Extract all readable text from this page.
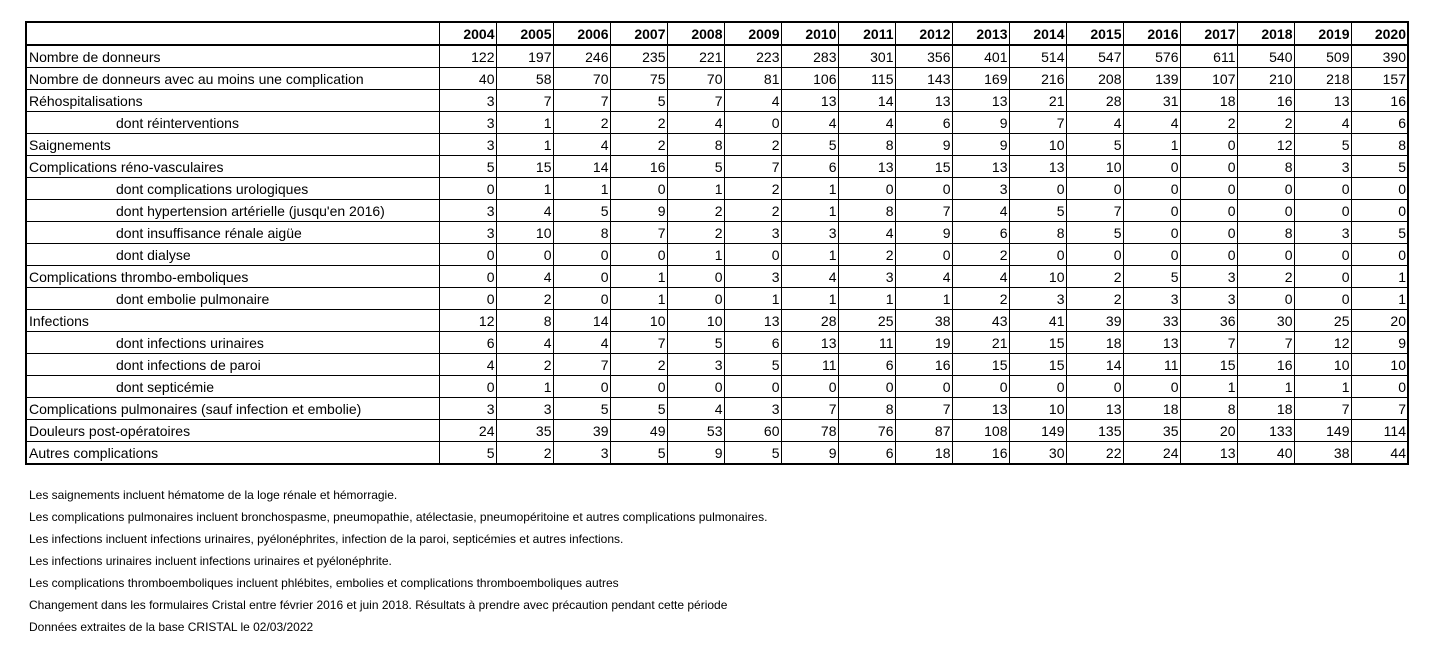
	2004	2005	2006	2007	2008	2009	2010	2011	2012	2013	2014	2015	2016	2017	2018	2019	2020
Nombre de donneurs	122	197	246	235	221	223	283	301	356	401	514	547	576	611	540	509	390
Nombre de donneurs avec au moins une complication	40	58	70	75	70	81	106	115	143	169	216	208	139	107	210	218	157
Réhospitalisations	3	7	7	5	7	4	13	14	13	13	21	28	31	18	16	13	16
dont réinterventions	3	1	2	2	4	0	4	4	6	9	7	4	4	2	2	4	6
Saignements	3	1	4	2	8	2	5	8	9	9	10	5	1	0	12	5	8
Complications réno-vasculaires	5	15	14	16	5	7	6	13	15	13	13	10	0	0	8	3	5
dont complications urologiques	0	1	1	0	1	2	1	0	0	3	0	0	0	0	0	0	0
dont hypertension artérielle (jusqu'en 2016)	3	4	5	9	2	2	1	8	7	4	5	7	0	0	0	0	0
dont insuffisance rénale aigüe	3	10	8	7	2	3	3	4	9	6	8	5	0	0	8	3	5
dont dialyse	0	0	0	0	1	0	1	2	0	2	0	0	0	0	0	0	0
Complications thrombo-emboliques	0	4	0	1	0	3	4	3	4	4	10	2	5	3	2	0	1
dont embolie pulmonaire	0	2	0	1	0	1	1	1	1	2	3	2	3	3	0	0	1
Infections	12	8	14	10	10	13	28	25	38	43	41	39	33	36	30	25	20
dont infections urinaires	6	4	4	7	5	6	13	11	19	21	15	18	13	7	7	12	9
dont infections de paroi	4	2	7	2	3	5	11	6	16	15	15	14	11	15	16	10	10
dont septicémie	0	1	0	0	0	0	0	0	0	0	0	0	0	1	1	1	0
Complications pulmonaires (sauf infection et embolie)	3	3	5	5	4	3	7	8	7	13	10	13	18	8	18	7	7
Douleurs post-opératoires	24	35	39	49	53	60	78	76	87	108	149	135	35	20	133	149	114
Autres complications	5	2	3	5	9	5	9	6	18	16	30	22	24	13	40	38	44
Les saignements incluent hématome de la loge rénale et hémorragie.
Les complications pulmonaires incluent bronchospasme, pneumopathie, atélectasie, pneumopéritoine et autres complications pulmonaires.
Les infections incluent infections urinaires, pyélonéphrites, infection de la paroi, septicémies et autres infections.
Les infections urinaires incluent infections urinaires et pyélonéphrite.
Les complications thromboemboliques incluent phlébites, embolies et complications thromboemboliques autres
Changement dans les formulaires Cristal entre février 2016 et juin 2018. Résultats à prendre avec précaution pendant cette période
Données extraites de la base CRISTAL le 02/03/2022
